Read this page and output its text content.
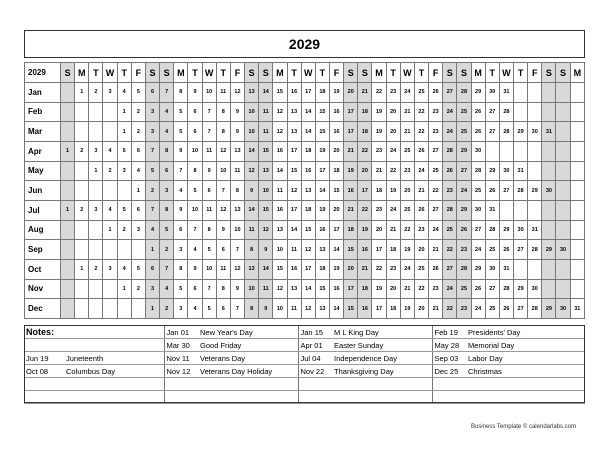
2029
2029	S	M	T	W	T	F	S	S	M	T	W	T	F	S	S	M	T	W	T	F	S	S	M	T	W	T	F	S	S	M	T	W	T	F	S	S	M
Jan		1	2	3	4	5	6	7	8	9	10	11	12	13	14	15	16	17	18	19	20	21	22	23	24	25	26	27	28	29	30	31					
Feb					1	2	3	4	5	6	7	8	9	10	11	12	13	14	15	16	17	18	19	20	21	22	23	24	25	26	27	28					
Mar					1	2	3	4	5	6	7	8	9	10	11	12	13	14	15	16	17	18	19	20	21	22	23	24	25	26	27	28	29	30	31		
Apr	1	2	3	4	5	6	7	8	9	10	11	12	13	14	15	16	17	18	19	20	21	22	23	24	25	26	27	28	29	30							
May			1	2	3	4	5	6	7	8	9	10	11	12	13	14	15	16	17	18	19	20	21	22	23	24	25	26	27	28	29	30	31				
Jun						1	2	3	4	5	6	7	8	9	10	11	12	13	14	15	16	17	18	19	20	21	22	23	24	25	26	27	28	29	30		
Jul	1	2	3	4	5	6	7	8	9	10	11	12	13	14	15	16	17	18	19	20	21	22	23	24	25	26	27	28	29	30	31						
Aug				1	2	3	4	5	6	7	8	9	10	11	12	13	14	15	16	17	18	19	20	21	22	23	24	25	26	27	28	29	30	31			
Sep							1	2	3	4	5	6	7	8	9	10	11	12	13	14	15	16	17	18	19	20	21	22	23	24	25	26	27	28	29	30	
Oct		1	2	3	4	5	6	7	8	9	10	11	12	13	14	15	16	17	18	19	20	21	22	23	24	25	26	27	28	29	30	31					
Nov					1	2	3	4	5	6	7	8	9	10	11	12	13	14	15	16	17	18	19	20	21	22	23	24	25	26	27	28	29	30			
Dec							1	2	3	4	5	6	7	8	9	10	11	12	13	14	15	16	17	18	19	20	21	22	23	24	25	26	27	28	29	30	31
Notes:		Jan 01	New Year's Day	Jan 15	M L King Day	Feb 19	Presidents' Day
		Mar 30	Good Friday	Apr 01	Easter Sunday	May 28	Memorial Day
Jun 19	Juneteenth	Nov 11	Veterans Day	Jul 04	Independence Day	Sep 03	Labor Day
Oct 08	Columbus Day	Nov 12	Veterans Day Holiday	Nov 22	Thanksgiving Day	Dec 25	Christmas

Business Template © calendarlabs.com
